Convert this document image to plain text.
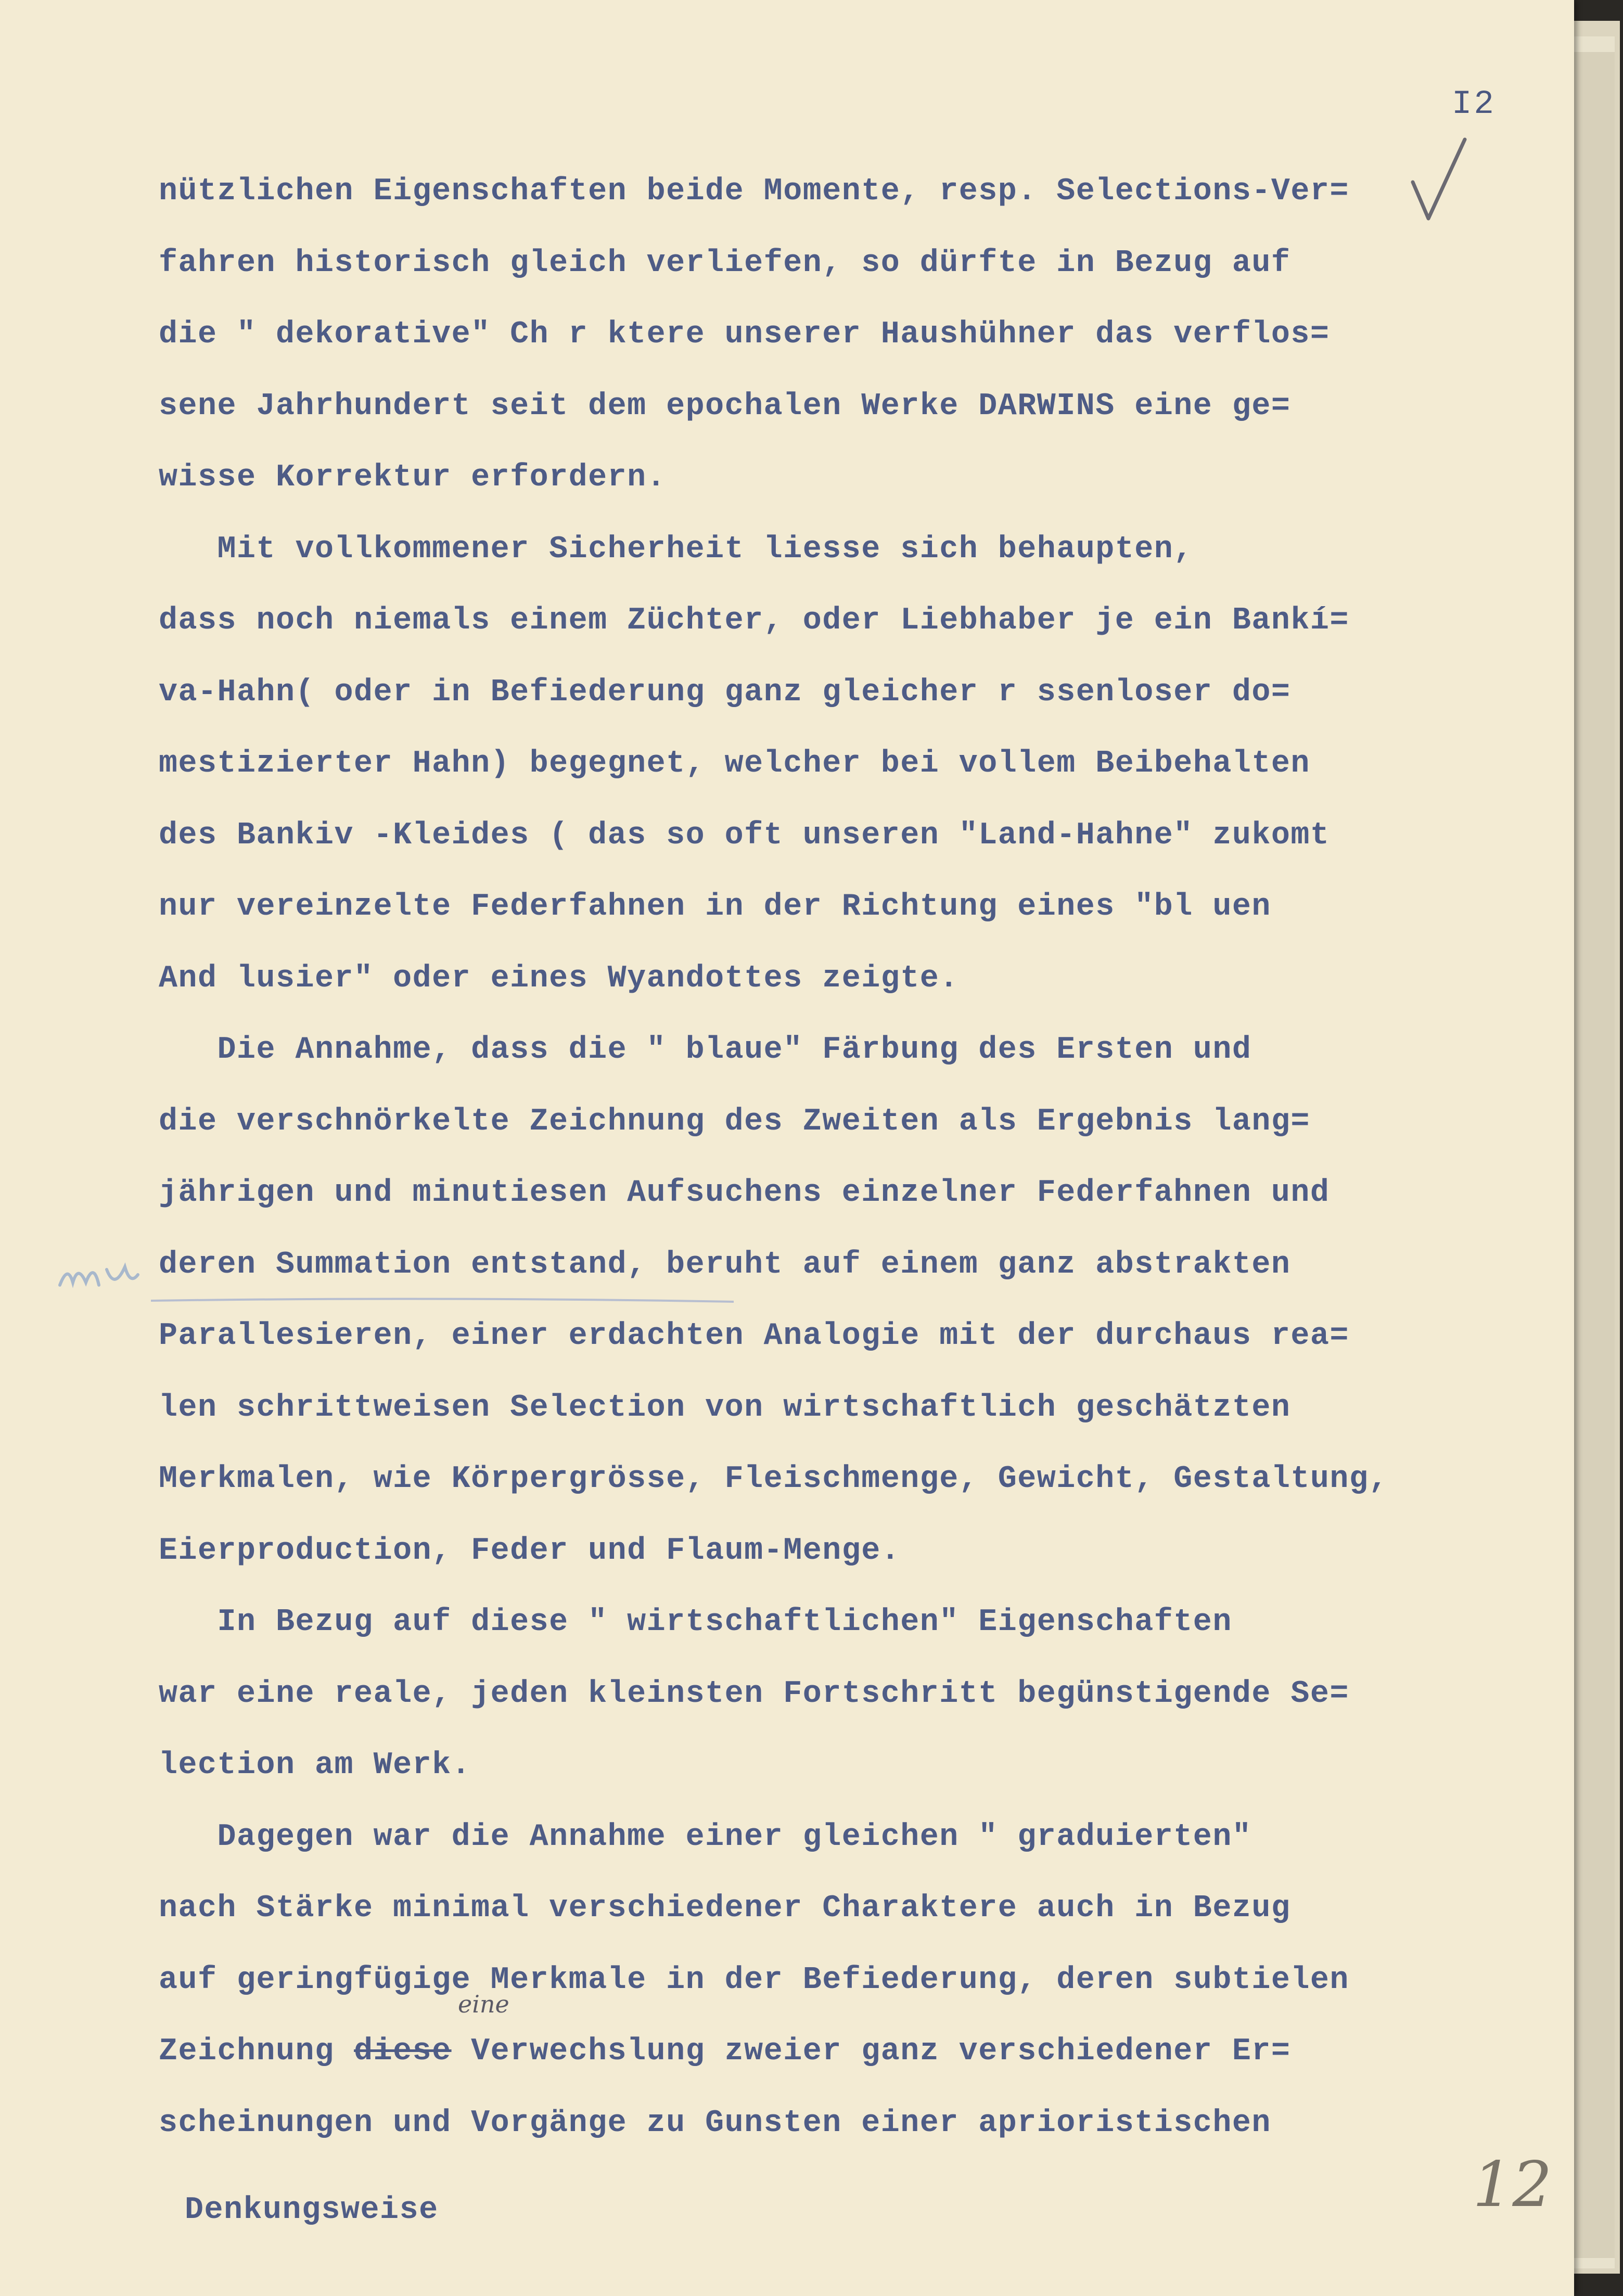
I2
nützlichen Eigenschaften beide Momente, resp. Selections-Ver=
fahren historisch gleich verliefen, so dürfte in Bezug auf
die " dekorative" Ch r ktere unserer Haushühner das verflos=
sene Jahrhundert seit dem epochalen Werke DARWINS eine ge=
wisse Korrektur erfordern.
Mit vollkommener Sicherheit liesse sich behaupten,
dass noch niemals einem Züchter, oder Liebhaber je ein Bankí=
va-Hahn( oder in Befiederung ganz gleicher r ssenloser do=
mestizierter Hahn) begegnet, welcher bei vollem Beibehalten
des Bankiv -Kleides ( das so oft unseren "Land-Hahne" zukomt
nur vereinzelte Federfahnen in der Richtung eines "bl uen
And lusier" oder eines Wyandottes zeigte.
Die Annahme, dass die " blaue" Färbung des Ersten und
die verschnörkelte Zeichnung des Zweiten als Ergebnis lang=
jährigen und minutiesen Aufsuchens einzelner Federfahnen und
deren Summation entstand, beruht auf einem ganz abstrakten
Parallesieren, einer erdachten Analogie mit der durchaus rea=
len schrittweisen Selection von wirtschaftlich geschätzten
Merkmalen, wie Körpergrösse, Fleischmenge, Gewicht, Gestaltung,
Eierproduction, Feder und Flaum-Menge.
In Bezug auf diese " wirtschaftlichen" Eigenschaften
war eine reale, jeden kleinsten Fortschritt begünstigende Se=
lection am Werk.
Dagegen war die Annahme einer gleichen " graduierten"
nach Stärke minimal verschiedener Charaktere auch in Bezug
auf geringfügige Merkmale in der Befiederung, deren subtielen
Zeichnung diese Verwechslung zweier ganz verschiedener Er=
scheinungen und Vorgänge zu Gunsten einer aprioristischen
Denkungsweise
eine
12
